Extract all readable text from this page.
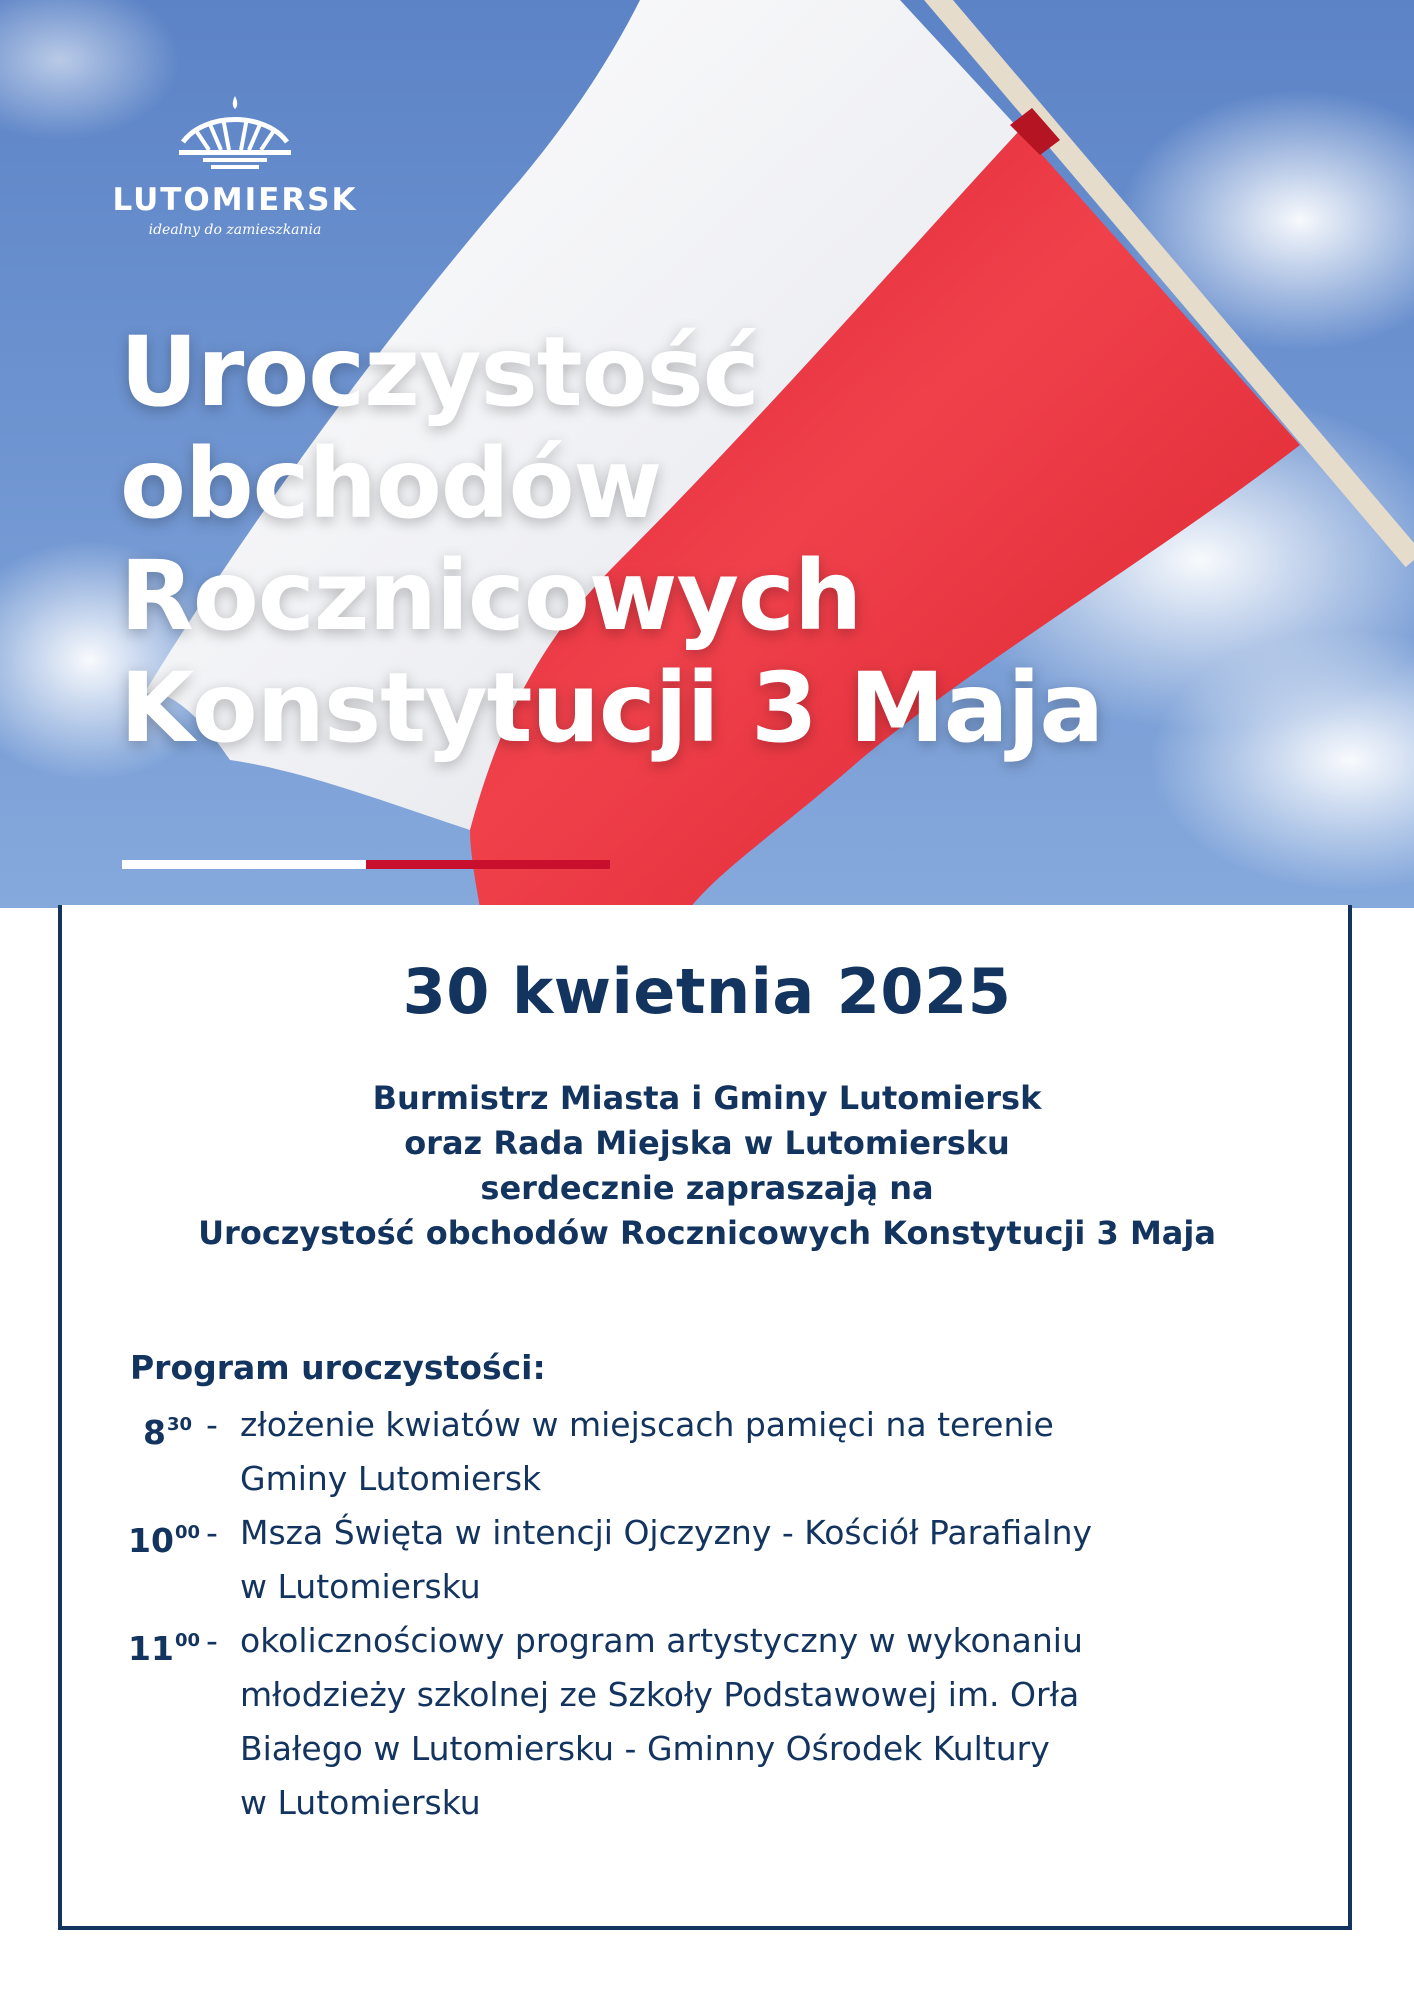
LUTOMIERSK
idealny do zamieszkania
Uroczystość
obchodów
Rocznicowych
Konstytucji 3 Maja
30 kwietnia 2025
Burmistrz Miasta i Gminy Lutomiersk
oraz Rada Miejska w Lutomiersku
serdecznie zapraszają na
Uroczystość obchodów Rocznicowych Konstytucji 3 Maja
Program uroczystości:
$8^{30}$ - złożenie kwiatów w miejscach pamięci na terenie
Gminy Lutomiersk
$10^{00}$ - Msza Święta w intencji Ojczyzny - Kościół Parafialny
w Lutomiersku
$11^{00}$ - okolicznościowy program artystyczny w wykonaniu
młodzieży szkolnej ze Szkoły Podstawowej im. Orła
Białego w Lutomiersku - Gminny Ośrodek Kultury
w Lutomiersku
